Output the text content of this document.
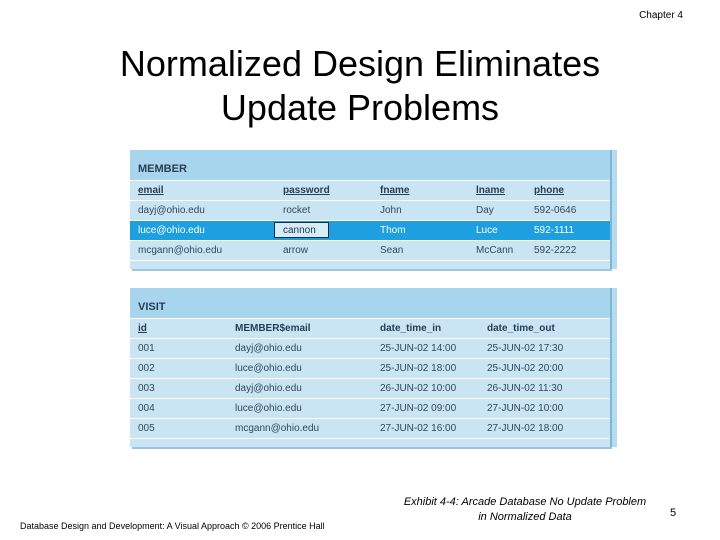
Chapter 4
Normalized Design Eliminates
Update Problems
MEMBER
email	password	fname	lname	phone
dayj@ohio.edu	rocket	John	Day	592-0646
luce@ohio.edu	cannon	Thom	Luce	592-1111
mcgann@ohio.edu	arrow	Sean	McCann 592-2222
VISIT
id	MEMBER$email	date_time_in	date_time_out
001	dayj@ohio.edu	25-JUN-02 14:00	25-JUN-02 17:30
002	luce@ohio.edu	25-JUN-02 18:00	25-JUN-02 20:00
003	dayj@ohio.edu	26-JUN-02 10:00	26-JUN-02 11:30
004	luce@ohio.edu	27-JUN-02 09:00	27-JUN-02 10:00
005	mcgann@ohio.edu	27-JUN-02 16:00	27-JUN-02 18:00
Database Design and Development: A Visual Approach © 2006 Prentice Hall
Exhibit 4-4: Arcade Database No Update Problem
in Normalized Data	5
